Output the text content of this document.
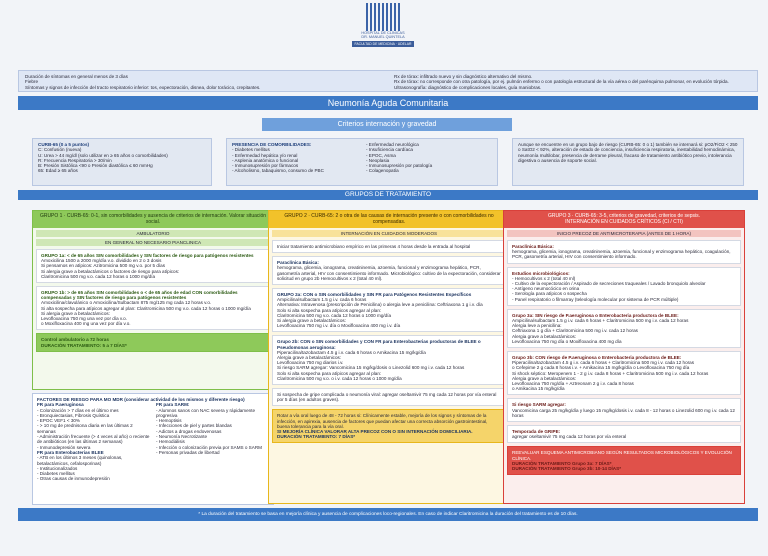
HOSPITAL DE CLÍNICAS
DR. MANUEL QUINTELA
FACULTAD DE MEDICINA · UDELAR
Duración de síntomas en general menos de 3 días
Fiebre
Síntomas y signos de infección del tracto respiratorio inferior: tos, expectoración, disnea, dolor torácico, crepitantes.
Rx de tórax: infiltrado nuevo y sin diagnóstico alternativo del mismo.
Rx de tórax: no corresponde con otra patología, por ej. pulmón enfermo o con patología estructural de la vía aérea o del parénquima pulmonar, en evolución tórpida.
Ultrasonografía: diagnóstico de complicaciones locales, guía maniobras.
Neumonía Aguda Comunitaria
Criterios internación y gravedad
CURB-65 (0 a 5 puntos)
C: Confusión (nueva)
U: Urea > 44 mg/dl (solo utilizar en ≥ 65 años o comorbilidades)
R: Frecuencia Respiratoria > 30/min
B: Presión Sistólica <90 o Presión diastólica ≤ 60 mmHg
65: Edad ≥ 65 años
PRESENCIA DE COMORBILIDADES:
- Diabetes mellitus
- Enfermedad hepática y/o renal
- Asplenia anatómica o funcional
- Inmunosupresión por fármacos
- Alcoholismo, tabaquismo, consumo de PBC
- Enfermedad neurológica
- Insuficiencia cardíaca
- EPOC, Asma
- Neoplasia
- Inmunosupresión por patología
- Colagenopatía
Aunque se encuentre en un grupo bajo de riesgo (CURB-65: 0 o 1) también se internará si: pO2/FiO2 < 250 o SatO2 < 92%, alteración de estado de conciencia, insuficiencia respiratoria, inestabilidad hemodinámica, neumonía multilobar, presencia de derrame pleural, fracaso de tratamiento antibiótico previo, intolerancia digestiva o ausencia de soporte social.
GRUPOS DE TRATAMIENTO
GRUPO 1 · CURB-65: 0-1, sin comorbilidades y ausencia de criterios de internación. Valorar situación social.
AMBULATORIO
EN GENERAL NO NECESARIO PIANCLINICA
GRUPO 1a: < de 65 años SIN comorbilidades y SIN factores de riesgo para patógenos resistentes
Amoxicilina 1500 a 2000 mg/día v.o. dividido en 2 o 3 dosis
Si pensamos en atípicos: Azitromicina 500 mg v.o. por 5 días
Si alergia grave a betalactámicos o factores de riesgo para atípicos:
Claritromicina 500 mg v.o. cada 12 horas o 1000 mg/día
GRUPO 1b: > de 65 años SIN comorbilidades o < de 65 años de edad CON comorbilidades compensadas y SIN factores de riesgo para patógenos resistentes
Amoxicilina/clavulánico o Amoxicilina/Sulbactam 875 mg/125 mg cada 12 horas v.o.
Si alta sospecha para atípicos agregar al plan: Claritromicina 500 mg v.o. cada 12 horas o 1000 mg/día
Si alergia grave a betalactámicos:
Levofloxacina 750 mg una vez por día v.o.
o Moxifloxacina 400 mg una vez por día v.o.
Control ambulatorio a 72 horas
DURACIÓN TRATAMIENTO: 5 a 7 DÍAS*
FACTORES DE RIESGO PARA MO MDR (considerar actividad de los mismos y diferente riesgo)
FR para P.aeruginosa
- Colonización > 7 días en el último mes
- Bronquiectasias, Fibrosis Quística
- EPOC VEF1 < 30%
- > 10 mg de prednisona diaria en las últimas 2 semanas
- Administración frecuente (> 4 veces al año) o reciente de antibióticos (en las últimas 2 semanas)
- Inmunodepresión severa
FR para Enterobacterias BLEE
- ATB en los últimos 3 meses (quinolonas, betalactámicos, cefalosporinas)
- Institucionalizados
- Diabetes mellitus
- Otras causas de inmunodepresión
FR para SARM:
- Alumnos sanos con NAC severa y rápidamente progresiva
- Hemoptisis
- Infecciones de piel y partes blandas
- Adictos a drogas endovenosas
- Neumonía Necrotizante
- Hemodiálisis
- Infección o colonización previa por SAMS o SARM
- Personas privadas de libertad
GRUPO 2 · CURB-65: 2 o otra de las causas de internación presente o con comorbilidades no compensadas.
INTERNACIÓN EN CUIDADOS MODERADOS
Iniciar tratamiento antimicrobiano empírico en las primeras 4 horas desde la entrada al hospital
Paraclínica Básica:
hemograma, glicemia, ionograma, creatininemia, azoemia, funcional y enzimograma hepático, PCR, gasometría arterial, HIV con consentimiento informado. Microbiológico: cultivo de la expectoración, considerar solicitud en grupo 2b Hemocultivos x 2 (total 40 ml).
GRUPO 2a: CON o SIN comorbilidades y SIN FR para Patógenos Resistentes Específicos
Ampicilina/sulbactam 1.5 g i.v. cada 6 horas
Alternativa: Intravenosa (prescripción de Penicilina) o alergia leve a penicilina: Ceftriaxona 1 g i.v. día
Solo si alta sospecha para atípicos agregar al plan:
Claritromicina 500 mg v.o. cada 12 horas o 1000 mg/día
Si alergia grave a betalactámicos:
Levofloxacina 750 mg i.v. día o Moxifloxacina 400 mg i.v. día
Grupo 2b: CON o SIN comorbilidades y CON FR para Enterobacterias productoras de BLEE o Pseudomonas aeruginosa:
Piperacilina/tazobactam 4.5 g i.v. cada 6 horas o Amikacina 15 mg/kg/día
Alergia grave a betalactámicos:
Levofloxacina 750 mg diarios i.v.
Si riesgo SARM agregar: Vancomicina 15 mg/kg/dosis o Linezolid 600 mg i.v. cada 12 horas
Solo si alta sospecha para atípicos agregar al plan:
Claritromicina 500 mg v.o. o i.v. cada 12 horas o 1000 mg/día
Si sospecha de gripe complicada o neumonía viral: agregar oseltamivir 75 mg cada 12 horas por vía enteral por 5 días (en adultos graves).
Rotar a vía oral luego de 48 - 72 horas si: Clínicamente estable, mejoría de los signos y síntomas de la infección, en apirexia, ausencia de factores que puedan afectar una correcta absorción gastrointestinal, buena tolerancia para la vía oral.
SI MEJORÍA CLÍNICA VALORAR ALTA PRECOZ CON O SIN INTERNACIÓN DOMICILIARIA.
DURACIÓN TRATAMIENTO: 7 DÍAS*
GRUPO 3 · CURB-65: 3-5, criterios de gravedad, criterios de sepsis.
INTERNACIÓN EN CUIDADOS CRÍTICOS (CI / CTI)
INICIO PRECOZ DE ANTIMICROTERAPIA (ANTES DE 1 HORA)
Paraclínica Básica:
hemograma, glicemia, ionograma, creatininemia, azoemia, funcional y enzimograma hepático, coagulación, PCR, gasometría arterial, HIV con consentimiento informado.
Estudios microbiológicos:
- Hemocultivos x 2 (total 40 ml)
- Cultivo de la expectoración / Aspirado de secreciones traqueales / Lavado bronquiolo alveolar
- Antígeno neumocócico en orina
- Serología para atípicos o sospecha
- Panel respiratorio o filmarray (teleología molecular por sistema de PCR múltiple)
Grupo 3a: SIN riesgo de P.aeruginosa o Enterobacteria productora de BLEE:
Ampicilina/sulbactam 1.5 g i.v. cada 6 horas + Claritromicina 500 mg i.v. cada 12 horas
Alergia leve a penicilina:
Ceftriaxona 1 g día + Claritromicina 500 mg i.v. cada 12 horas
Alergia grave a betalactámicos:
Levofloxacina 750 mg día o Moxifloxacina 400 mg día
Grupo 3b: CON riesgo de P.aeruginosa o Enterobacteria productora de BLEE:
Piperacilina/tazobactam 4.5 g i.v. cada 6 horas + Claritromicina 500 mg i.v. cada 12 horas
o Cefepime 2 g cada 8 horas i.v. + Amikacina 15 mg/kg/día o Levofloxacina 750 mg día
Si shock séptico: Meropenem 1 - 2 g i.v. cada 8 horas + Claritromicina 500 mg i.v. cada 12 horas
Alergia grave a betalactámicos:
Levofloxacina 750 mg/día + Aztreonam 2 g i.v. cada 8 horas
o Amikacina 15 mg/kg/día
Si riesgo SARM agregar:
Vancomicina carga 25 mg/kg/día y luego 15 mg/kg/dosis i.v. cada 8 - 12 horas o Linezolid 600 mg i.v. cada 12 horas
Temporada de GRIPE:
agregar oseltamivir 75 mg cada 12 horas por vía enteral
REEVALUAR ESQUEMA ANTIMICROBIANO SEGÚN RESULTADOS MICROBIOLÓGICOS Y EVOLUCIÓN CLÍNICA.
DURACIÓN TRATAMIENTO Grupo 3a: 7 DÍAS*
DURACIÓN TRATAMIENTO Grupo 3b: 10-14 DÍAS*
* La duración del tratamiento se basa en mejoría clínica y ausencia de complicaciones loco-regionales. En caso de indicar Claritromicina la duración del tratamiento es de 10 días.
